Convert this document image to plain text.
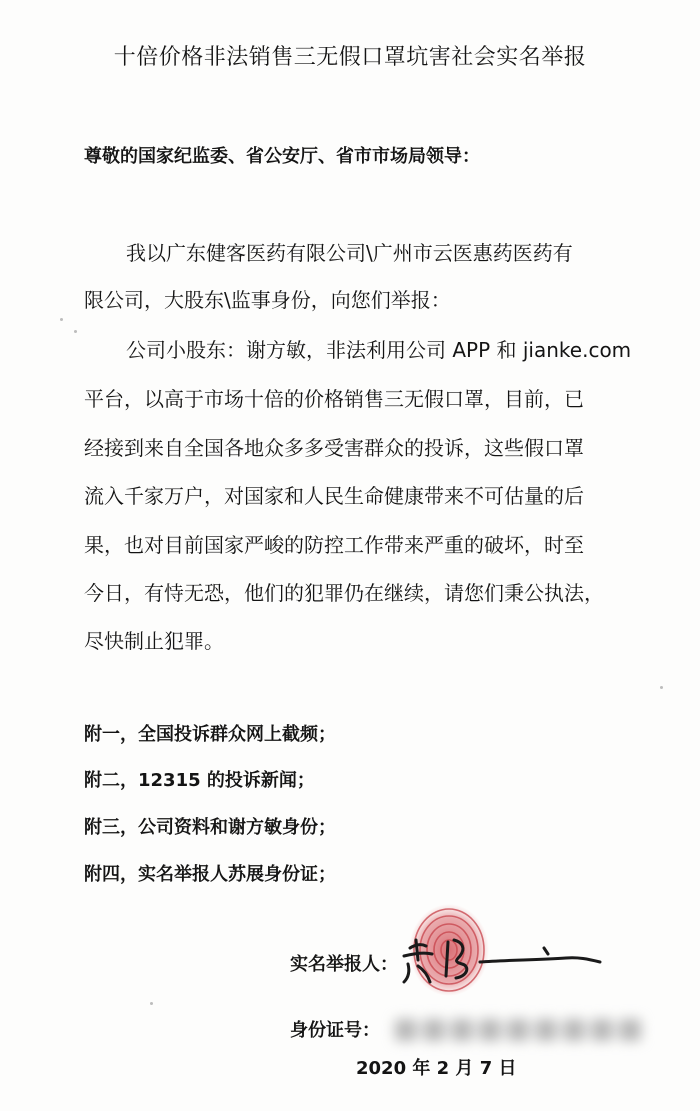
十倍价格非法销售三无假口罩坑害社会实名举报
尊敬的国家纪监委、省公安厅、省市市场局领导：
我以广东健客医药有限公司\广州市云医惠药医药有
限公司，大股东\监事身份，向您们举报：
公司小股东：谢方敏，非法利用公司 APP 和 jianke.com
平台，以高于市场十倍的价格销售三无假口罩，目前，已
经接到来自全国各地众多多受害群众的投诉，这些假口罩
流入千家万户，对国家和人民生命健康带来不可估量的后
果，也对目前国家严峻的防控工作带来严重的破坏，时至
今日，有恃无恐，他们的犯罪仍在继续，请您们秉公执法，
尽快制止犯罪。
附一，全国投诉群众网上截频；
附二，12315 的投诉新闻；
附三，公司资料和谢方敏身份；
附四，实名举报人苏展身份证；
实名举报人：
身份证号：
2020 年 2 月 7 日
